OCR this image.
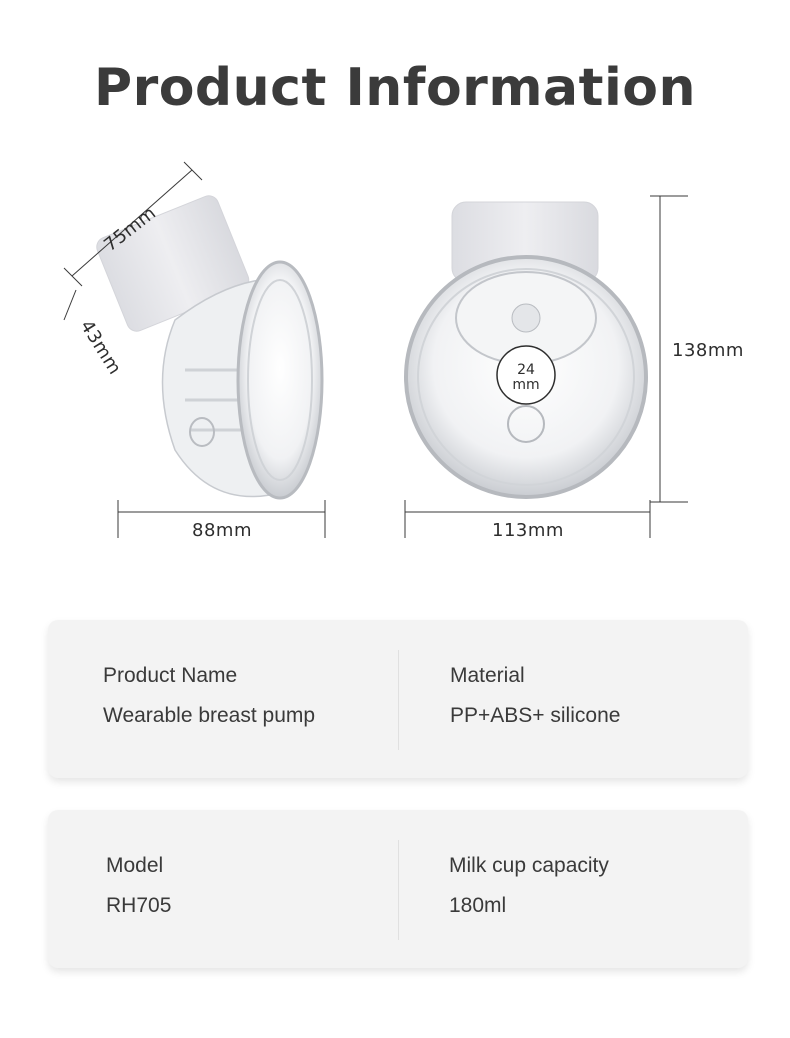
Product Information
75mm
43mm
88mm
24
mm
113mm
138mm
Product Name
Wearable breast pump
Material
PP+ABS+ silicone
Model
RH705
Milk cup capacity
180ml
